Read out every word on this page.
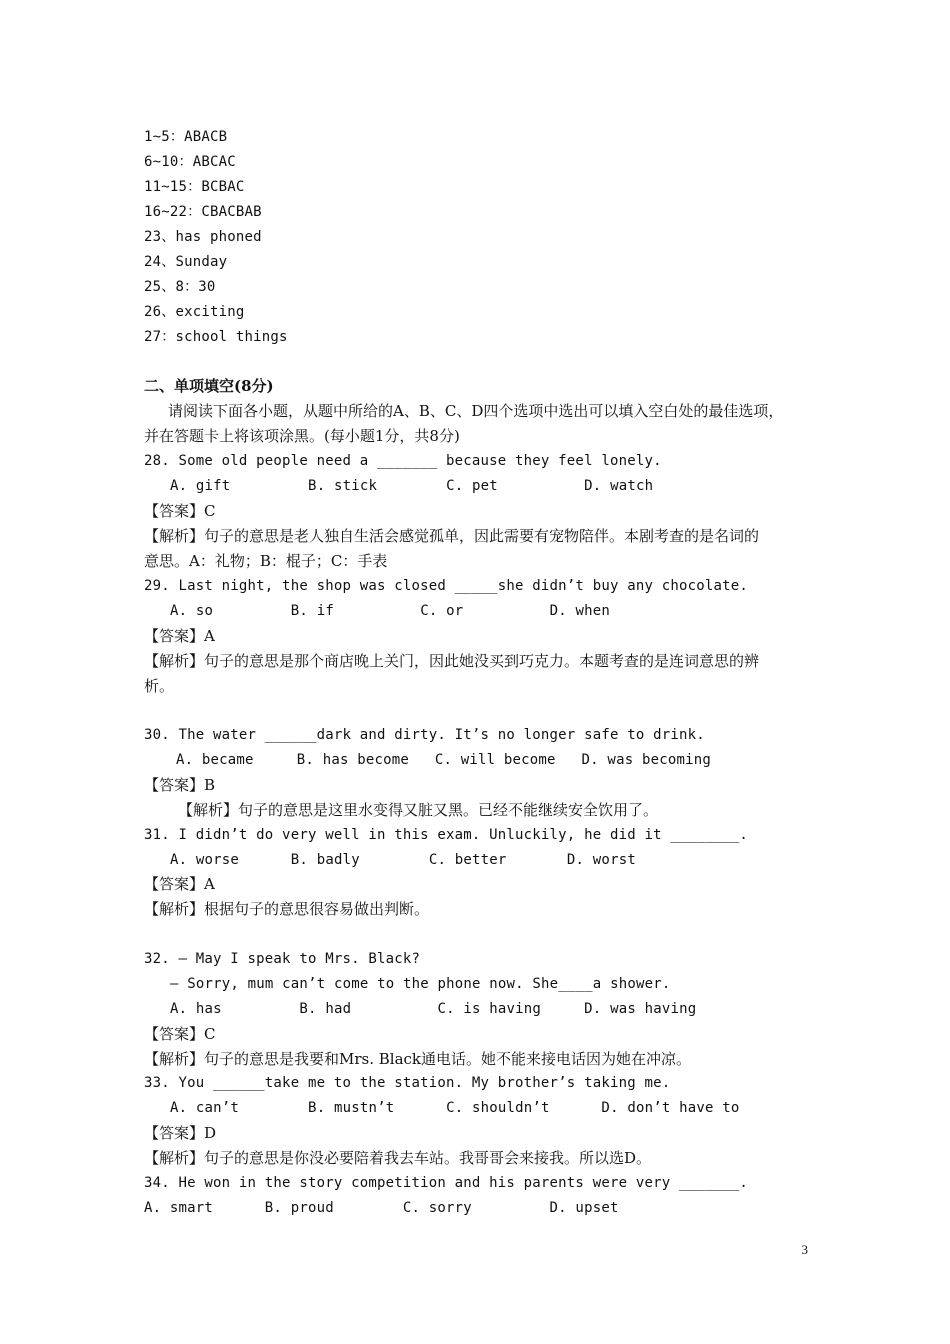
1~5：ABACB
6~10：ABCAC
11~15：BCBAC
16~22：CBACBAB
23、has phoned
24、Sunday
25、8：30
26、exciting
27：school things
二、单项填空(8分)
请阅读下面各小题，从题中所给的A、B、C、D四个选项中选出可以填入空白处的最佳选项，
并在答题卡上将该项涂黑。(每小题1分，共8分)
28. Some old people need a _______ because they feel lonely.
A. gift         B. stick        C. pet          D. watch
【答案】C
【解析】句子的意思是老人独自生活会感觉孤单，因此需要有宠物陪伴。本剧考查的是名词的
意思。A：礼物；B：棍子；C：手表
29. Last night, the shop was closed _____she didn’t buy any chocolate.
A. so         B. if          C. or          D. when
【答案】A
【解析】句子的意思是那个商店晚上关门，因此她没买到巧克力。本题考查的是连词意思的辨
析。
30. The water ______dark and dirty. It’s no longer safe to drink.
A. became     B. has become   C. will become   D. was becoming
【答案】B
【解析】句子的意思是这里水变得又脏又黑。已经不能继续安全饮用了。
31. I didn’t do very well in this exam. Unluckily, he did it ________.
A. worse      B. badly        C. better       D. worst
【答案】A
【解析】根据句子的意思很容易做出判断。
32. — May I speak to Mrs. Black?
— Sorry, mum can’t come to the phone now. She____a shower.
A. has         B. had          C. is having     D. was having
【答案】C
【解析】句子的意思是我要和Mrs. Black通电话。她不能来接电话因为她在冲凉。
33. You ______take me to the station. My brother’s taking me.
A. can’t        B. mustn’t      C. shouldn’t      D. don’t have to
【答案】D
【解析】句子的意思是你没必要陪着我去车站。我哥哥会来接我。所以选D。
34. He won in the story competition and his parents were very _______.
A. smart      B. proud        C. sorry         D. upset
3
